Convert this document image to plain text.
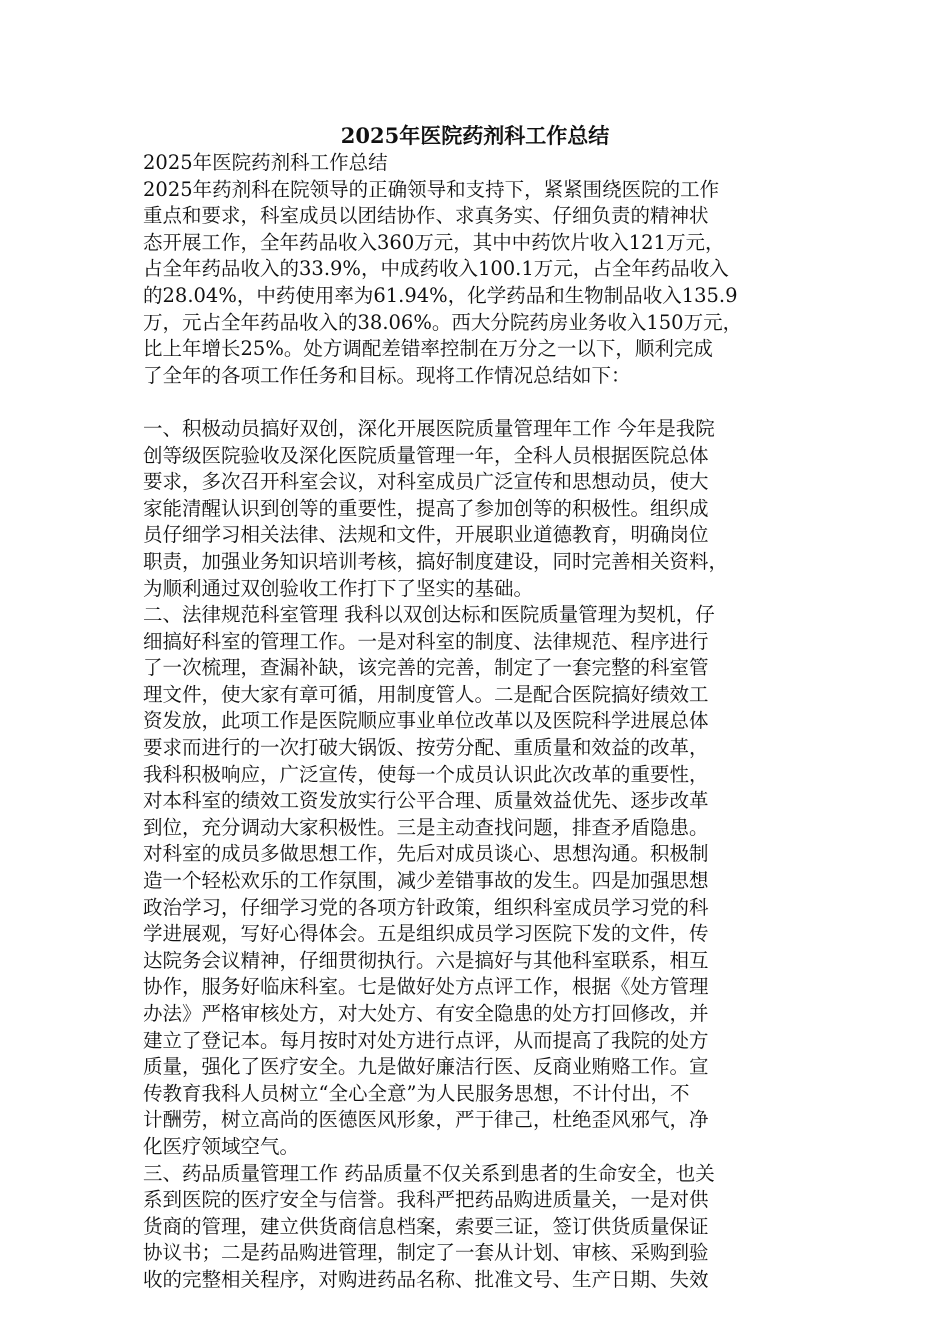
2025年医院药剂科工作总结
2025年医院药剂科工作总结
2025年药剂科在院领导的正确领导和支持下，紧紧围绕医院的工作
重点和要求，科室成员以团结协作、求真务实、仔细负责的精神状
态开展工作，全年药品收入360万元，其中中药饮片收入121万元，
占全年药品收入的33.9%，中成药收入100.1万元，占全年药品收入
的28.04%，中药使用率为61.94%，化学药品和生物制品收入135.9
万，元占全年药品收入的38.06%。西大分院药房业务收入150万元，
比上年增长25%。处方调配差错率控制在万分之一以下，顺利完成
了全年的各项工作任务和目标。现将工作情况总结如下：
一、积极动员搞好双创，深化开展医院质量管理年工作 今年是我院
创等级医院验收及深化医院质量管理一年，全科人员根据医院总体
要求，多次召开科室会议，对科室成员广泛宣传和思想动员，使大
家能清醒认识到创等的重要性，提高了参加创等的积极性。组织成
员仔细学习相关法律、法规和文件，开展职业道德教育，明确岗位
职责，加强业务知识培训考核，搞好制度建设，同时完善相关资料，
为顺利通过双创验收工作打下了坚实的基础。
二、法律规范科室管理 我科以双创达标和医院质量管理为契机，仔
细搞好科室的管理工作。一是对科室的制度、法律规范、程序进行
了一次梳理，查漏补缺，该完善的完善，制定了一套完整的科室管
理文件，使大家有章可循，用制度管人。二是配合医院搞好绩效工
资发放，此项工作是医院顺应事业单位改革以及医院科学进展总体
要求而进行的一次打破大锅饭、按劳分配、重质量和效益的改革，
我科积极响应，广泛宣传，使每一个成员认识此次改革的重要性，
对本科室的绩效工资发放实行公平合理、质量效益优先、逐步改革
到位，充分调动大家积极性。三是主动查找问题，排查矛盾隐患。
对科室的成员多做思想工作，先后对成员谈心、思想沟通。积极制
造一个轻松欢乐的工作氛围，减少差错事故的发生。四是加强思想
政治学习，仔细学习党的各项方针政策，组织科室成员学习党的科
学进展观，写好心得体会。五是组织成员学习医院下发的文件，传
达院务会议精神，仔细贯彻执行。六是搞好与其他科室联系，相互
协作，服务好临床科室。七是做好处方点评工作，根据《处方管理
办法》严格审核处方，对大处方、有安全隐患的处方打回修改，并
建立了登记本。每月按时对处方进行点评，从而提高了我院的处方
质量，强化了医疗安全。九是做好廉洁行医、反商业贿赂工作。宣
传教育我科人员树立“全心全意”为人民服务思想，不计付出，不
计酬劳，树立高尚的医德医风形象，严于律己，杜绝歪风邪气，净
化医疗领域空气。
三、药品质量管理工作 药品质量不仅关系到患者的生命安全，也关
系到医院的医疗安全与信誉。我科严把药品购进质量关，一是对供
货商的管理，建立供货商信息档案，索要三证，签订供货质量保证
协议书；二是药品购进管理，制定了一套从计划、审核、采购到验
收的完整相关程序，对购进药品名称、批准文号、生产日期、失效
